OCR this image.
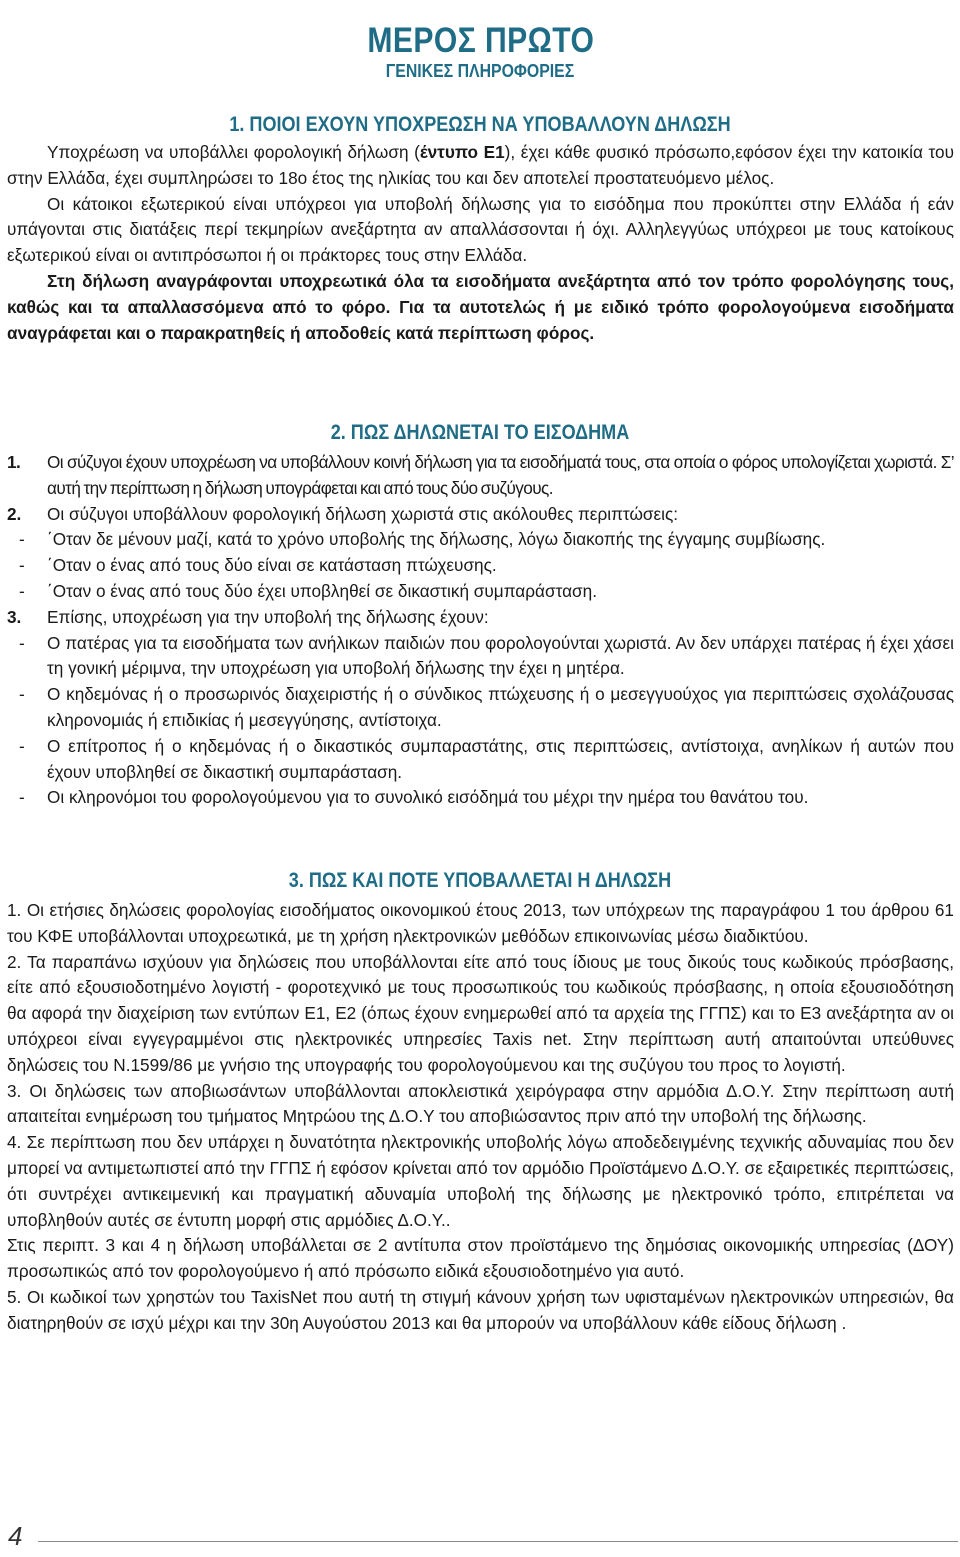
ΜΕΡΟΣ ΠΡΩΤΟ
ΓΕΝΙΚΕΣ ΠΛΗΡΟΦΟΡΙΕΣ
1. ΠΟΙΟΙ ΕΧΟΥΝ ΥΠΟΧΡΕΩΣΗ ΝΑ ΥΠΟΒΑΛΛΟΥΝ ΔΗΛΩΣΗ

Υποχρέωση να υποβάλλει φορολογική δήλωση (έντυπο Ε1), έχει κάθε φυσικό πρόσωπο,εφόσον έχει την κατοικία του στην Ελλάδα, έχει συμπληρώσει το 18ο έτος της ηλικίας του και δεν αποτελεί προστατευόμενο μέλος.

Οι κάτοικοι εξωτερικού είναι υπόχρεοι για υποβολή δήλωσης για το εισόδημα που προκύπτει στην Ελλάδα ή εάν υπάγονται στις διατάξεις περί τεκμηρίων ανεξάρτητα αν απαλλάσσονται ή όχι. Αλληλεγγύως υπόχρεοι με τους κατοίκους εξωτερικού είναι οι αντιπρόσωποι ή οι πράκτορες τους στην Ελλάδα.

Στη δήλωση αναγράφονται υποχρεωτικά όλα τα εισοδήματα ανεξάρτητα από τον τρόπο φορολόγησης τους, καθώς και τα απαλλασσόμενα από το φόρο. Για τα αυτοτελώς ή με ειδικό τρόπο φορολογούμενα εισοδήματα αναγράφεται και ο παρακρατηθείς ή αποδοθείς κατά περίπτωση φόρος.

2. ΠΩΣ ΔΗΛΩΝΕΤΑΙ ΤΟ ΕΙΣΟΔΗΜΑ
1. Οι σύζυγοι έχουν υποχρέωση να υποβάλλουν κοινή δήλωση για τα εισοδήματά τους, στα οποία ο φόρος υπολογίζεται χωριστά. Σ’ αυτή την περίπτωση η δήλωση υπογράφεται και από τους δύο συζύγους.
2. Οι σύζυγοι υποβάλλουν φορολογική δήλωση χωριστά στις ακόλουθες περιπτώσεις:
- ΄Οταν δε μένουν μαζί, κατά το χρόνο υποβολής της δήλωσης, λόγω διακοπής της έγγαμης συμβίωσης.
- ΄Οταν ο ένας από τους δύο είναι σε κατάσταση πτώχευσης.
- ΄Οταν ο ένας από τους δύο έχει υποβληθεί σε δικαστική συμπαράσταση.
3. Επίσης, υποχρέωση για την υποβολή της δήλωσης έχουν:
- Ο πατέρας για τα εισοδήματα των ανήλικων παιδιών που φορολογούνται χωριστά. Αν δεν υπάρχει πατέρας ή έχει χάσει τη γονική μέριμνα, την υποχρέωση για υποβολή δήλωσης την έχει η μητέρα.
- Ο κηδεμόνας ή ο προσωρινός διαχειριστής ή ο σύνδικος πτώχευσης ή ο μεσεγγυούχος για περιπτώσεις σχολάζουσας κληρονομιάς ή επιδικίας ή μεσεγγύησης, αντίστοιχα.
- Ο επίτροπος ή ο κηδεμόνας ή ο δικαστικός συμπαραστάτης, στις περιπτώσεις, αντίστοιχα, ανηλίκων ή αυτών που έχουν υποβληθεί σε δικαστική συμπαράσταση.
- Οι κληρονόμοι του φορολογούμενου για το συνολικό εισόδημά του μέχρι την ημέρα του θανάτου του.
3. ΠΩΣ ΚΑΙ ΠΟΤΕ ΥΠΟΒΑΛΛΕΤΑΙ Η ΔΗΛΩΣΗ

1. Οι ετήσιες δηλώσεις φορολογίας εισοδήματος οικονομικού έτους 2013, των υπόχρεων της παραγράφου 1 του άρθρου 61 του ΚΦΕ υποβάλλονται υποχρεωτικά, με τη χρήση ηλεκτρονικών μεθόδων επικοινωνίας μέσω διαδικτύου.

2. Τα παραπάνω ισχύουν για δηλώσεις που υποβάλλονται είτε από τους ίδιους με τους δικούς τους κωδικούς πρόσβασης, είτε από εξουσιοδοτημένο λογιστή - φοροτεχνικό με τους προσωπικούς του κωδικούς πρόσβασης, η οποία εξουσιοδότηση θα αφορά την διαχείριση των εντύπων Ε1, Ε2 (όπως έχουν ενημερωθεί από τα αρχεία της ΓΓΠΣ) και το Ε3 ανεξάρτητα αν οι υπόχρεοι είναι εγγεγραμμένοι στις ηλεκτρονικές υπηρεσίες Taxis net. Στην περίπτωση αυτή απαιτούνται υπεύθυνες δηλώσεις του Ν.1599/86 με γνήσιο της υπογραφής του φορολογούμενου και της συζύγου του προς το λογιστή.

3. Οι δηλώσεις των αποβιωσάντων υποβάλλονται αποκλειστικά χειρόγραφα στην αρμόδια Δ.Ο.Υ. Στην περίπτωση αυτή απαιτείται ενημέρωση του τμήματος Μητρώου της Δ.Ο.Υ του αποβιώσαντος πριν από την υποβολή της δήλωσης.

4. Σε περίπτωση που δεν υπάρχει η δυνατότητα ηλεκτρονικής υποβολής λόγω αποδεδειγμένης τεχνικής αδυναμίας που δεν μπορεί να αντιμετωπιστεί από την ΓΓΠΣ ή εφόσον κρίνεται από τον αρμόδιο Προϊστάμενο Δ.Ο.Υ. σε εξαιρετικές περιπτώσεις, ότι συντρέχει αντικειμενική και πραγματική αδυναμία υποβολή της δήλωσης με ηλεκτρονικό τρόπο, επιτρέπεται να υποβληθούν αυτές σε έντυπη μορφή στις αρμόδιες Δ.Ο.Υ..

Στις περιπτ. 3 και 4 η δήλωση υποβάλλεται σε 2 αντίτυπα στον προϊστάμενο της δημόσιας οικονομικής υπηρεσίας (ΔΟΥ) προσωπικώς από τον φορολογούμενο ή από πρόσωπο ειδικά εξουσιοδοτημένο για αυτό.

5. Οι κωδικοί των χρηστών του TaxisNet που αυτή τη στιγμή κάνουν χρήση των υφισταμένων ηλεκτρονικών υπηρεσιών, θα διατηρηθούν σε ισχύ μέχρι και την 30η Αυγούστου 2013 και θα μπορούν να υποβάλλουν κάθε είδους δήλωση .

4
